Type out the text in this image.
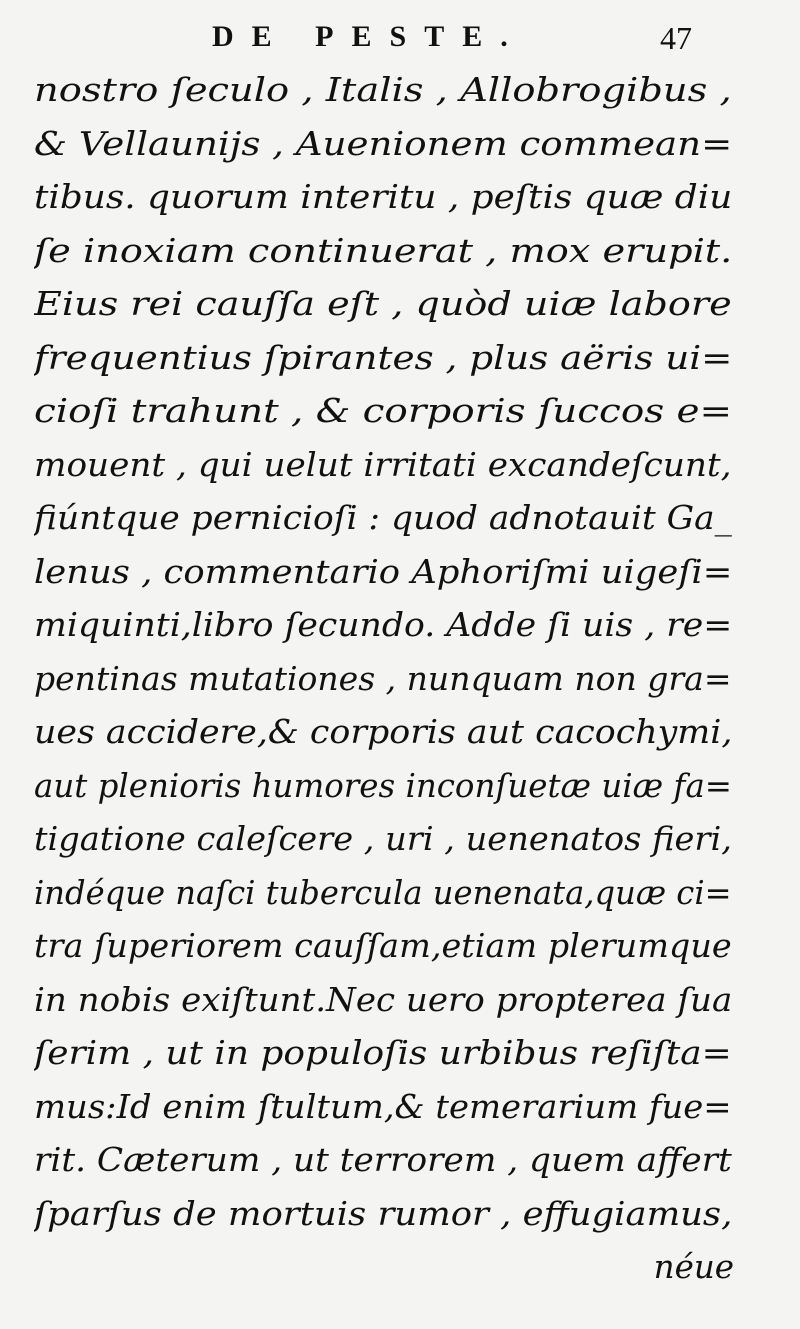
DE PESTE.	47
nostro ſeculo , Italis , Allobrogibus ,
& Vellaunijs , Auenionem commean=
tibus. quorum interitu , peſtis quæ diu
ſe inoxiam continuerat , mox erupit.
Eius rei cauſſa eſt , quòd uiæ labore
frequentius ſpirantes , plus aëris ui=
cioſi trahunt , & corporis ſuccos e=
mouent , qui uelut irritati excandeſcunt,
fiúntque pernicioſi : quod adnotauit Ga_
lenus , commentario Aphoriſmi uigeſi=
miquinti,libro ſecundo. Adde ſi uis , re=
pentinas mutationes , nunquam non gra=
ues accidere,& corporis aut cacochymi,
aut plenioris humores inconſuetæ uiæ fa=
tigatione caleſcere , uri , uenenatos fieri,
indéque naſci tubercula uenenata,quæ ci=
tra ſuperiorem cauſſam,etiam plerumque
in nobis exiſtunt.Nec uero propterea ſua
ſerim , ut in populoſis urbibus reſiſta=
mus:Id enim ſtultum,& temerarium fue=
rit. Cæterum , ut terrorem , quem affert
ſparſus de mortuis rumor , effugiamus,
néue
